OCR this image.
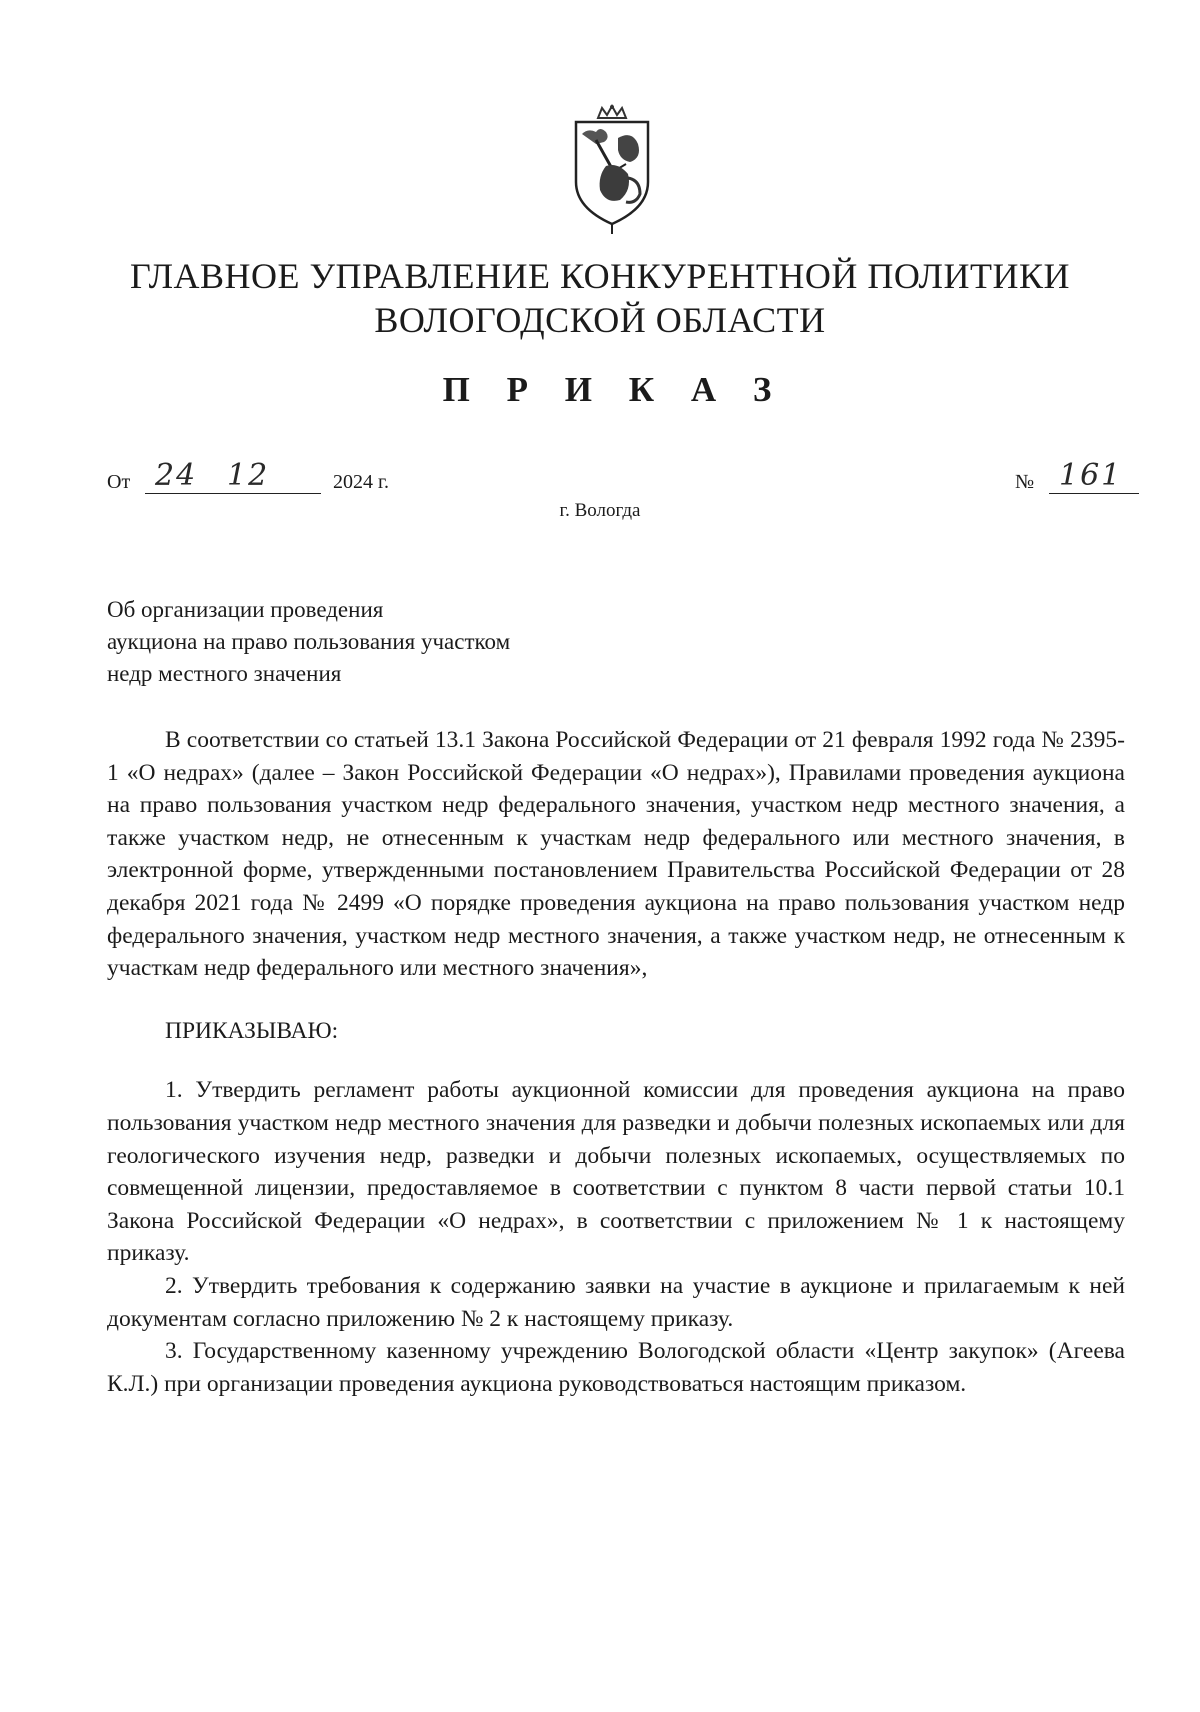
ГЛАВНОЕ УПРАВЛЕНИЕ КОНКУРЕНТНОЙ ПОЛИТИКИ
ВОЛОГОДСКОЙ ОБЛАСТИ
П Р И К А З
От 24 12	2024 г.	№ 161
г. Вологда
Об организации проведения
аукциона на право пользования участком
недр местного значения

В соответствии со статьей 13.1 Закона Российской Федерации от 21 февраля 1992 года № 2395-1 «О недрах» (далее – Закон Российской Федерации «О недрах»), Правилами проведения аукциона на право пользования участком недр федерального значения, участком недр местного значения, а также участком недр, не отнесенным к участкам недр федерального или местного значения, в электронной форме, утвержденными постановлением Правительства Российской Федерации от 28 декабря 2021 года № 2499 «О порядке проведения аукциона на право пользования участком недр федерального значения, участком недр местного значения, а также участком недр, не отнесенным к участкам недр федерального или местного значения»,

ПРИКАЗЫВАЮ:

1. Утвердить регламент работы аукционной комиссии для проведения аукциона на право пользования участком недр местного значения для разведки и добычи полезных ископаемых или для геологического изучения недр, разведки и добычи полезных ископаемых, осуществляемых по совмещенной лицензии, предоставляемое в соответствии с пунктом 8 части первой статьи 10.1 Закона Российской Федерации «О недрах», в соответствии с приложением № 1 к настоящему приказу.

2. Утвердить требования к содержанию заявки на участие в аукционе и прилагаемым к ней документам согласно приложению № 2 к настоящему приказу.

3. Государственному казенному учреждению Вологодской области «Центр закупок» (Агеева К.Л.) при организации проведения аукциона руководствоваться настоящим приказом.
